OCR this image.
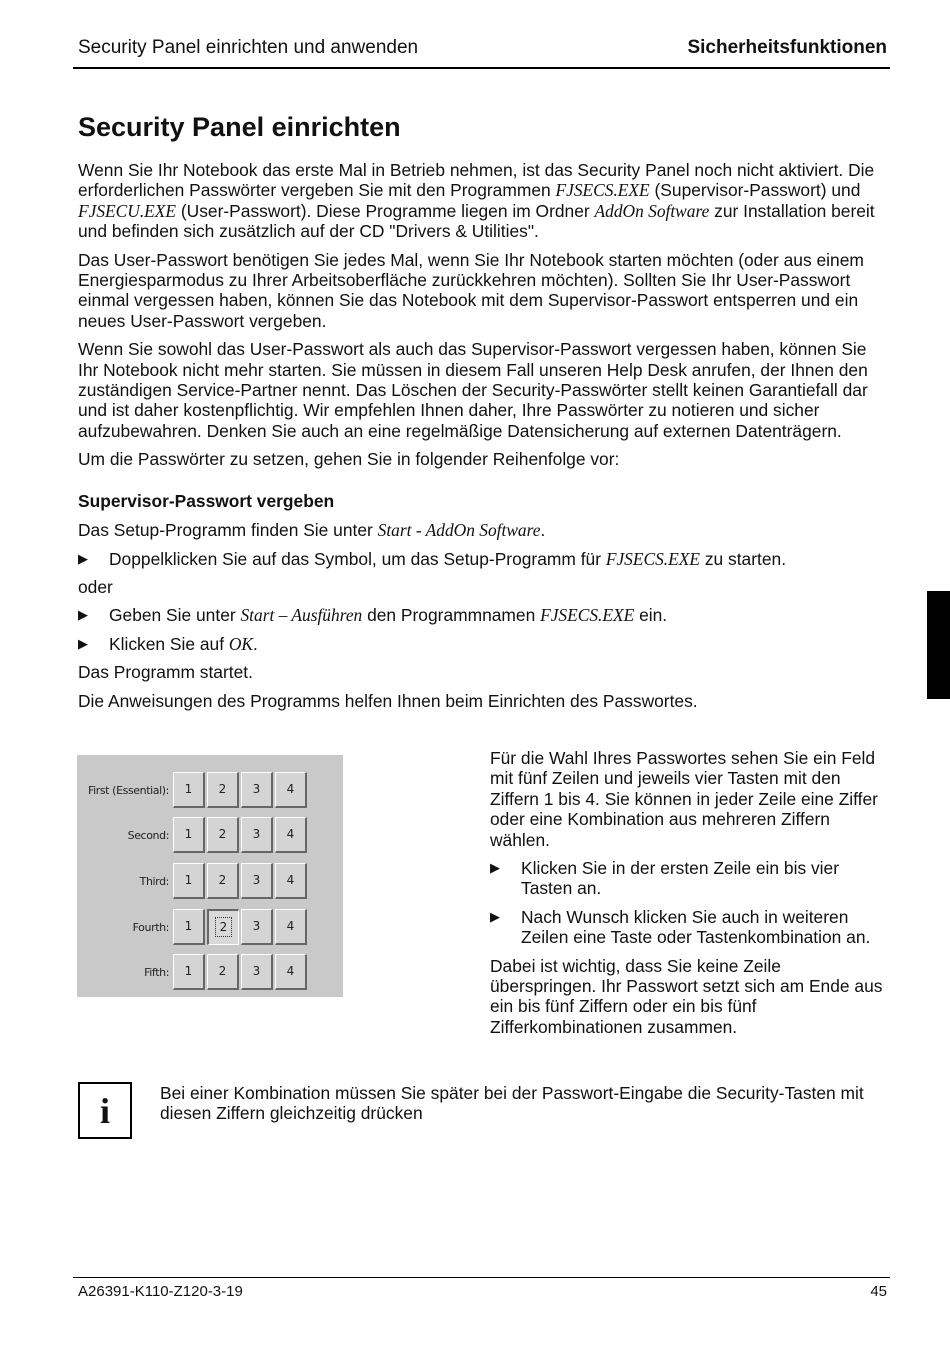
Security Panel einrichten und anwenden	Sicherheitsfunktionen
Security Panel einrichten

Wenn Sie Ihr Notebook das erste Mal in Betrieb nehmen, ist das Security Panel noch nicht aktiviert. Die erforderlichen Passwörter vergeben Sie mit den Programmen FJSECS.EXE (Supervisor-Passwort) und FJSECU.EXE (User-Passwort). Diese Programme liegen im Ordner AddOn Software zur Installation bereit und befinden sich zusätzlich auf der CD "Drivers & Utilities".

Das User-Passwort benötigen Sie jedes Mal, wenn Sie Ihr Notebook starten möchten (oder aus einem Energiesparmodus zu Ihrer Arbeitsoberfläche zurückkehren möchten). Sollten Sie Ihr User-Passwort einmal vergessen haben, können Sie das Notebook mit dem Supervisor-Passwort entsperren und ein neues User-Passwort vergeben.

Wenn Sie sowohl das User-Passwort als auch das Supervisor-Passwort vergessen haben, können Sie Ihr Notebook nicht mehr starten. Sie müssen in diesem Fall unseren Help Desk anrufen, der Ihnen den zuständigen Service-Partner nennt. Das Löschen der Security-Passwörter stellt keinen Garantiefall dar und ist daher kostenpflichtig. Wir empfehlen Ihnen daher, Ihre Passwörter zu notieren und sicher aufzubewahren. Denken Sie auch an eine regelmäßige Datensicherung auf externen Datenträgern.

Um die Passwörter zu setzen, gehen Sie in folgender Reihenfolge vor:

Supervisor-Passwort vergeben

Das Setup-Programm finden Sie unter Start - AddOn Software.

▶ Doppelklicken Sie auf das Symbol, um das Setup-Programm für FJSECS.EXE zu starten.

oder

▶ Geben Sie unter Start – Ausführen den Programmnamen FJSECS.EXE ein.

▶ Klicken Sie auf OK.

Das Programm startet.

Die Anweisungen des Programms helfen Ihnen beim Einrichten des Passwortes.

First (Essential):	1	2	3	4
Second:	1	2	3	4
Third:	1	2	3	4
Fourth:	1	2	3	4
Fifth:	1	2	3	4

Für die Wahl Ihres Passwortes sehen Sie ein Feld mit fünf Zeilen und jeweils vier Tasten mit den Ziffern 1 bis 4. Sie können in jeder Zeile eine Ziffer oder eine Kombination aus mehreren Ziffern wählen.

▶ Klicken Sie in der ersten Zeile ein bis vier Tasten an.

▶ Nach Wunsch klicken Sie auch in weiteren Zeilen eine Taste oder Tastenkombination an.

Dabei ist wichtig, dass Sie keine Zeile überspringen. Ihr Passwort setzt sich am Ende aus ein bis fünf Ziffern oder ein bis fünf Zifferkombinationen zusammen.

i	Bei einer Kombination müssen Sie später bei der Passwort-Eingabe die Security-Tasten mit diesen Ziffern gleichzeitig drücken
A26391-K110-Z120-3-19	45
